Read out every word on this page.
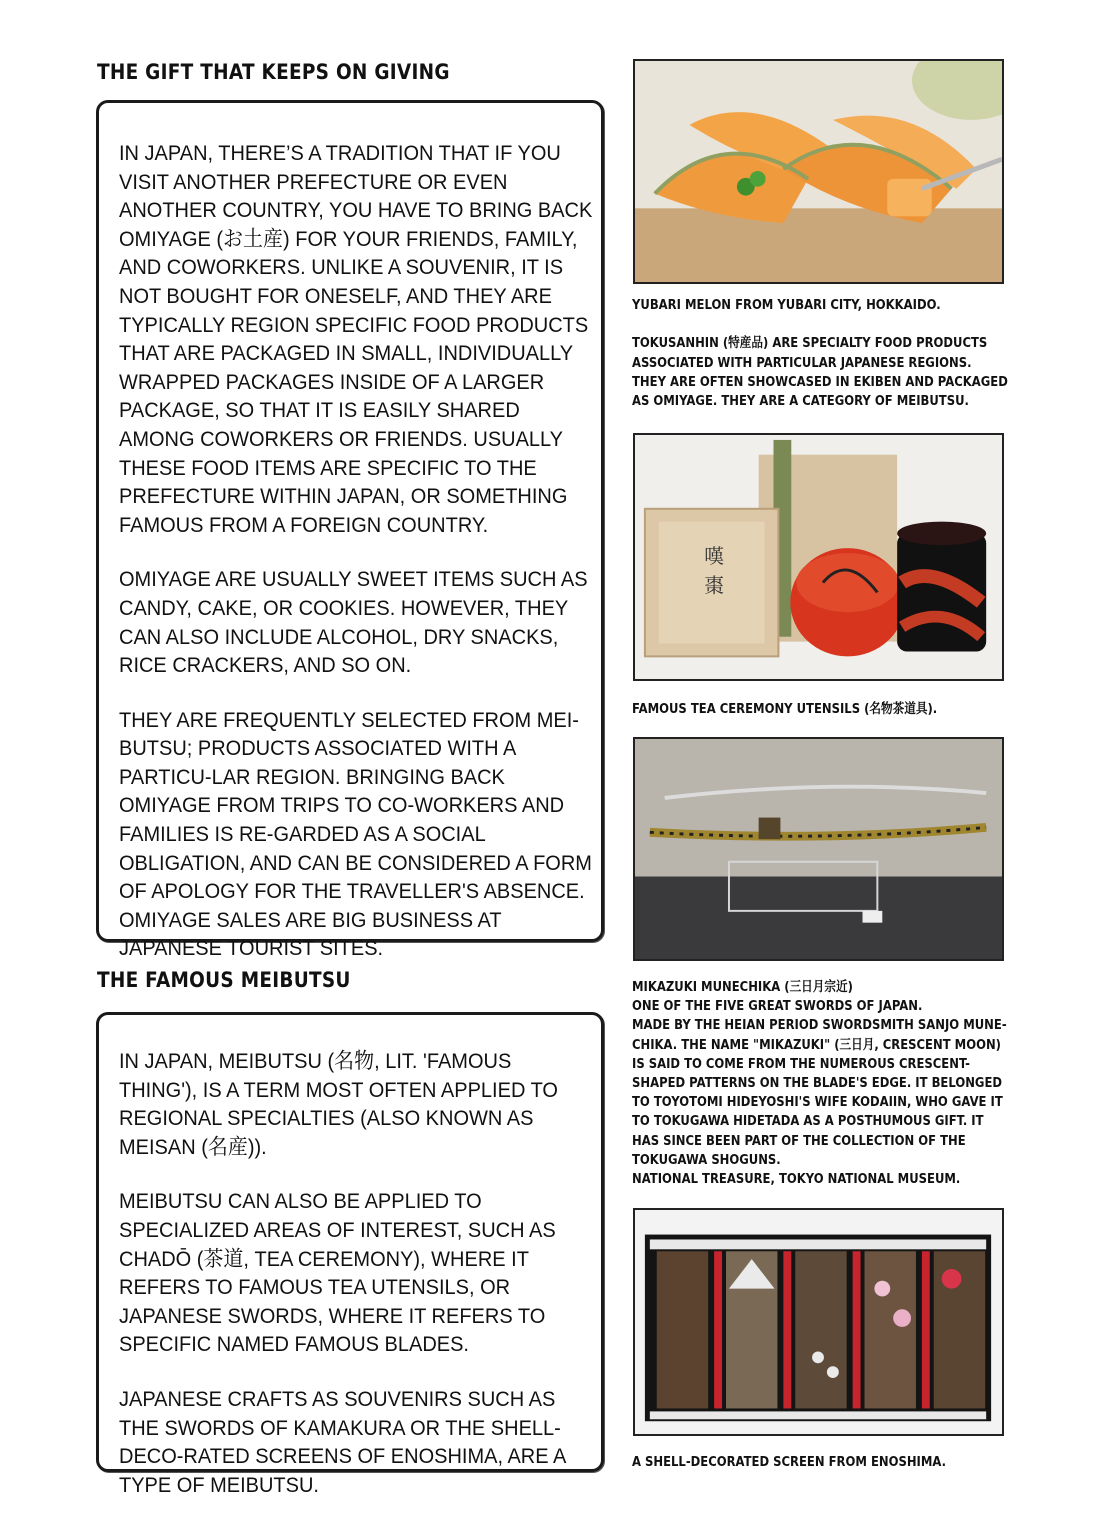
THE GIFT THAT KEEPS ON GIVING

IN JAPAN, THERE’S A TRADITION THAT IF YOU VISIT ANOTHER PREFECTURE OR EVEN ANOTHER COUNTRY, YOU HAVE TO BRING BACK OMIYAGE (お土産) FOR YOUR FRIENDS, FAMILY, AND COWORKERS. UNLIKE A SOUVENIR, IT IS NOT BOUGHT FOR ONESELF, AND THEY ARE TYPICALLY REGION SPECIFIC FOOD PRODUCTS THAT ARE PACKAGED IN SMALL, INDIVIDUALLY WRAPPED PACKAGES INSIDE OF A LARGER PACKAGE, SO THAT IT IS EASILY SHARED AMONG COWORKERS OR FRIENDS. USUALLY THESE FOOD ITEMS ARE SPECIFIC TO THE PREFECTURE WITHIN JAPAN, OR SOMETHING FAMOUS FROM A FOREIGN COUNTRY.

OMIYAGE ARE USUALLY SWEET ITEMS SUCH AS CANDY, CAKE, OR COOKIES. HOWEVER, THEY CAN ALSO INCLUDE ALCOHOL, DRY SNACKS, RICE CRACKERS, AND SO ON.

THEY ARE FREQUENTLY SELECTED FROM MEI-BUTSU; PRODUCTS ASSOCIATED WITH A PARTICU-LAR REGION. BRINGING BACK OMIYAGE FROM TRIPS TO CO-WORKERS AND FAMILIES IS RE-GARDED AS A SOCIAL OBLIGATION, AND CAN BE CONSIDERED A FORM OF APOLOGY FOR THE TRAVELLER'S ABSENCE. OMIYAGE SALES ARE BIG BUSINESS AT JAPANESE TOURIST SITES.

THE FAMOUS MEIBUTSU

IN JAPAN, MEIBUTSU (名物, LIT. 'FAMOUS THING'), IS A TERM MOST OFTEN APPLIED TO REGIONAL SPECIALTIES (ALSO KNOWN AS MEISAN (名産)).

MEIBUTSU CAN ALSO BE APPLIED TO SPECIALIZED AREAS OF INTEREST, SUCH AS CHADŌ (茶道, TEA CEREMONY), WHERE IT REFERS TO FAMOUS TEA UTENSILS, OR JAPANESE SWORDS, WHERE IT REFERS TO SPECIFIC NAMED FAMOUS BLADES.

JAPANESE CRAFTS AS SOUVENIRS SUCH AS THE SWORDS OF KAMAKURA OR THE SHELL-DECO-RATED SCREENS OF ENOSHIMA, ARE A TYPE OF MEIBUTSU.

YUBARI MELON FROM YUBARI CITY, HOKKAIDO.

TOKUSANHIN (特産品) ARE SPECIALTY FOOD PRODUCTS
ASSOCIATED WITH PARTICULAR JAPANESE REGIONS.
THEY ARE OFTEN SHOWCASED IN EKIBEN AND PACKAGED
AS OMIYAGE. THEY ARE A CATEGORY OF MEIBUTSU.

嘆
棗

FAMOUS TEA CEREMONY UTENSILS (名物茶道具).

MIKAZUKI MUNECHIKA (三日月宗近)
ONE OF THE FIVE GREAT SWORDS OF JAPAN.
MADE BY THE HEIAN PERIOD SWORDSMITH SANJO MUNE-
CHIKA. THE NAME "MIKAZUKI" (三日月, CRESCENT MOON)
IS SAID TO COME FROM THE NUMEROUS CRESCENT-
SHAPED PATTERNS ON THE BLADE'S EDGE. IT BELONGED
TO TOYOTOMI HIDEYOSHI'S WIFE KODAIIN, WHO GAVE IT
TO TOKUGAWA HIDETADA AS A POSTHUMOUS GIFT. IT
HAS SINCE BEEN PART OF THE COLLECTION OF THE
TOKUGAWA SHOGUNS.
NATIONAL TREASURE, TOKYO NATIONAL MUSEUM.

A SHELL-DECORATED SCREEN FROM ENOSHIMA.
